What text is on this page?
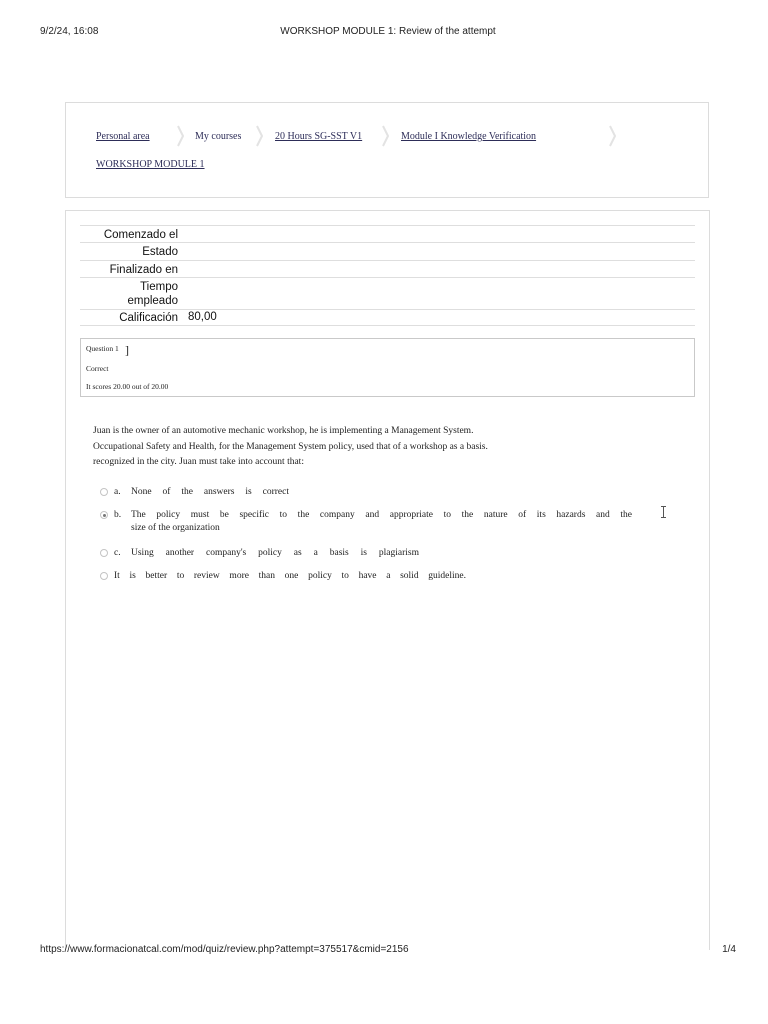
9/2/24, 16:08	WORKSHOP MODULE 1: Review of the attempt
Personal area	My courses	20 Hours SG-SST V1	Module I Knowledge Verification
WORKSHOP MODULE 1
Comenzado el
Estado
Finalizado en
Tiempo empleado
Calificación 80,00
Question 1 ]
Correct
It scores 20.00 out of 20.00
Juan is the owner of an automotive mechanic workshop, he is implementing a Management System.
Occupational Safety and Health, for the Management System policy, used that of a workshop as a basis.
recognized in the city. Juan must take into account that:
a. None of the answers is correct
b. The policy must be specific to the company and appropriate to the nature of its hazards and the
size of the organization
c. Using another company's policy as a basis is plagiarism
It is better to review more than one policy to have a solid guideline.
https://www.formacionatcal.com/mod/quiz/review.php?attempt=375517&cmid=2156	1/4
